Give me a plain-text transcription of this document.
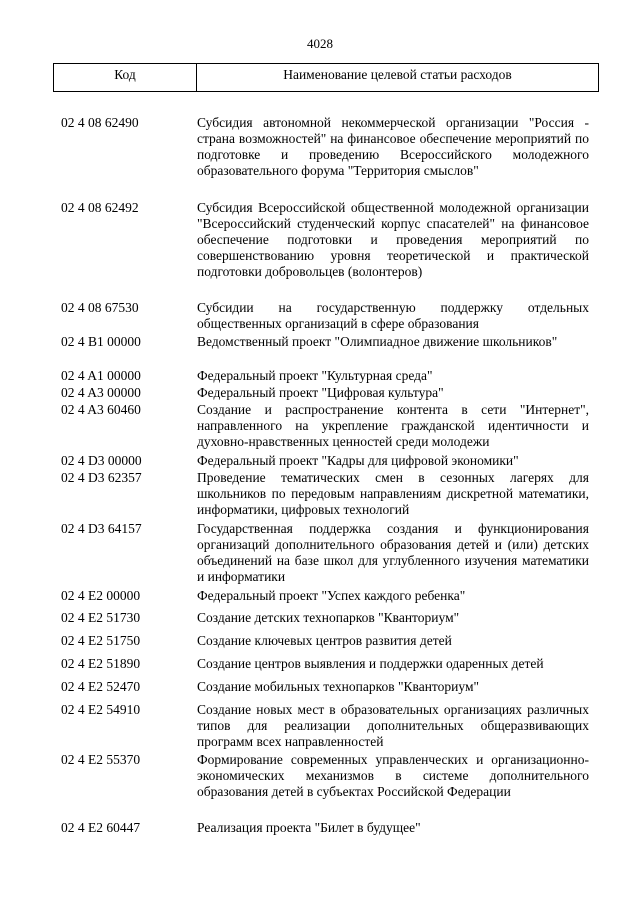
4028
Код	Наименование целевой статьи расходов
02 4 08 62490	Субсидия автономной некоммерческой организации "Россия - страна возможностей" на финансовое обеспечение мероприятий по подготовке и проведению Всероссийского молодежного образовательного форума "Территория смыслов"
02 4 08 62492	Субсидия Всероссийской общественной молодежной организации "Всероссийский студенческий корпус спасателей" на финансовое обеспечение подготовки и проведения мероприятий по совершенствованию уровня теоретической и практической подготовки добровольцев (волонтеров)
02 4 08 67530	Субсидии на государственную поддержку отдельных общественных организаций в сфере образования
02 4 B1 00000	Ведомственный проект "Олимпиадное движение школьников"
02 4 A1 00000	Федеральный проект "Культурная среда"
02 4 A3 00000	Федеральный проект "Цифровая культура"
02 4 A3 60460	Создание и распространение контента в сети "Интернет", направленного на укрепление гражданской идентичности и духовно-нравственных ценностей среди молодежи
02 4 D3 00000	Федеральный проект "Кадры для цифровой экономики"
02 4 D3 62357	Проведение тематических смен в сезонных лагерях для школьников по передовым направлениям дискретной математики, информатики, цифровых технологий
02 4 D3 64157	Государственная поддержка создания и функционирования организаций дополнительного образования детей и (или) детских объединений на базе школ для углубленного изучения математики и информатики
02 4 E2 00000	Федеральный проект "Успех каждого ребенка"
02 4 E2 51730	Создание детских технопарков "Кванториум"
02 4 E2 51750	Создание ключевых центров развития детей
02 4 E2 51890	Создание центров выявления и поддержки одаренных детей
02 4 E2 52470	Создание мобильных технопарков "Кванториум"
02 4 E2 54910	Создание новых мест в образовательных организациях различных типов для реализации дополнительных общеразвивающих программ всех направленностей
02 4 E2 55370	Формирование современных управленческих и организационно-экономических механизмов в системе дополнительного образования детей в субъектах Российской Федерации
02 4 E2 60447	Реализация проекта "Билет в будущее"
